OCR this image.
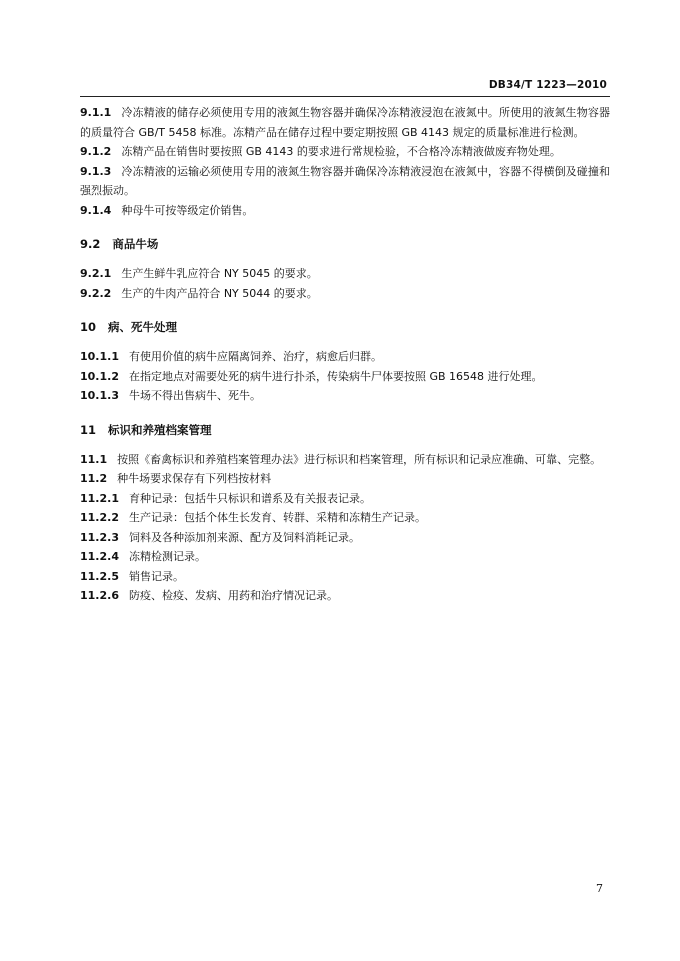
DB34/T 1223—2010

9.1.1 冷冻精液的储存必须使用专用的液氮生物容器并确保冷冻精液浸泡在液氮中。所使用的液氮生物容器的质量符合 GB/T 5458 标准。冻精产品在储存过程中要定期按照 GB 4143 规定的质量标准进行检测。

9.1.2 冻精产品在销售时要按照 GB 4143 的要求进行常规检验，不合格冷冻精液做废弃物处理。

9.1.3 冷冻精液的运输必须使用专用的液氮生物容器并确保冷冻精液浸泡在液氮中，容器不得横倒及碰撞和强烈振动。

9.1.4 种母牛可按等级定价销售。

9.2 商品牛场

9.2.1 生产生鲜牛乳应符合 NY 5045 的要求。

9.2.2 生产的牛肉产品符合 NY 5044 的要求。

10 病、死牛处理

10.1.1 有使用价值的病牛应隔离饲养、治疗，病愈后归群。

10.1.2 在指定地点对需要处死的病牛进行扑杀，传染病牛尸体要按照 GB 16548 进行处理。

10.1.3 牛场不得出售病牛、死牛。

11 标识和养殖档案管理

11.1 按照《畜禽标识和养殖档案管理办法》进行标识和档案管理，所有标识和记录应准确、可靠、完整。

11.2 种牛场要求保存有下列档按材料

11.2.1 育种记录：包括牛只标识和谱系及有关报表记录。

11.2.2 生产记录：包括个体生长发育、转群、采精和冻精生产记录。

11.2.3 饲料及各种添加剂来源、配方及饲料消耗记录。

11.2.4 冻精检测记录。

11.2.5 销售记录。

11.2.6 防疫、检疫、发病、用药和治疗情况记录。

7
